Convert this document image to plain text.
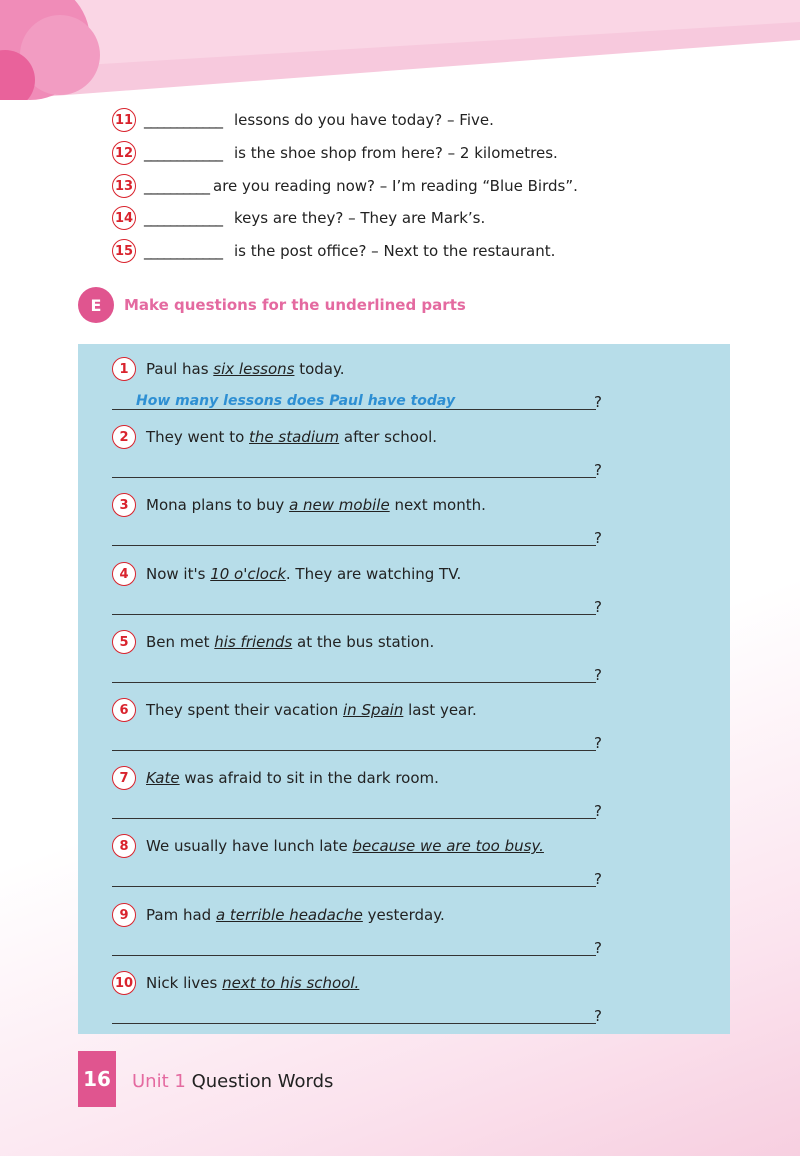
11 ____________ lessons do you have today? – Five.
12 ____________ is the shoe shop from here? – 2 kilometres.
13 __________ are you reading now? – I’m reading “Blue Birds”.
14 ____________ keys are they? – They are Mark’s.
15 ____________ is the post office? – Next to the restaurant.
E	Make questions for the underlined parts
1	Paul has six lessons today.
How many lessons does Paul have today	?
2	They went to the stadium after school.
?
3	Mona plans to buy a new mobile next month.
?
4	Now it's 10 o'clock. They are watching TV.
?
5	Ben met his friends at the bus station.
?
6	They spent their vacation in Spain last year.
?
7	Kate was afraid to sit in the dark room.
?
8	We usually have lunch late because we are too busy.
?
9	Pam had a terrible headache yesterday.
?
10 Nick lives next to his school.
?
16 Unit 1 Question Words
